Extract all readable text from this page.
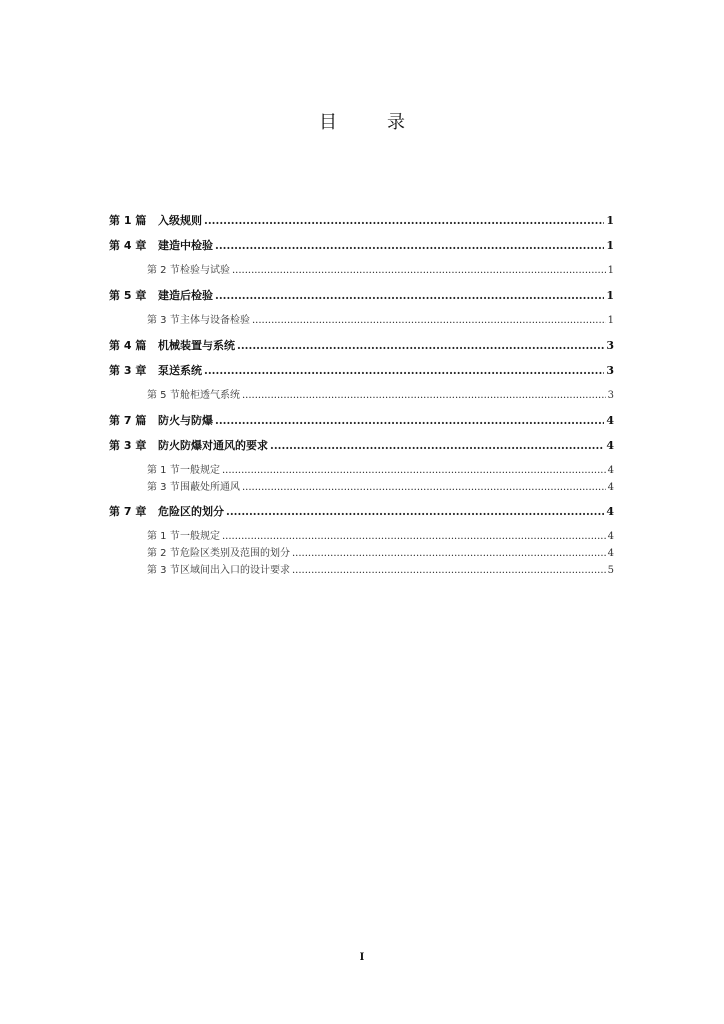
目　录
第 1 篇	入级规则 .....	1
第 4 章	建造中检验 .....	1
第 2 节 检验与试验 .....	1
第 5 章	建造后检验 .....	1
第 3 节 主体与设备检验 .....	1
第 4 篇	机械装置与系统 .....	3
第 3 章	泵送系统 .....	3
第 5 节 舱柜透气系统 .....	3
第 7 篇	防火与防爆 .....	4
第 3 章	防火防爆对通风的要求 .....	4
第 1 节 一般规定 .....	4
第 3 节 围蔽处所通风 .....	4
第 7 章	危险区的划分 .....	4
第 1 节 一般规定 .....	4
第 2 节 危险区类别及范围的划分 .....	4
第 3 节 区域间出入口的设计要求 .....	5
I
